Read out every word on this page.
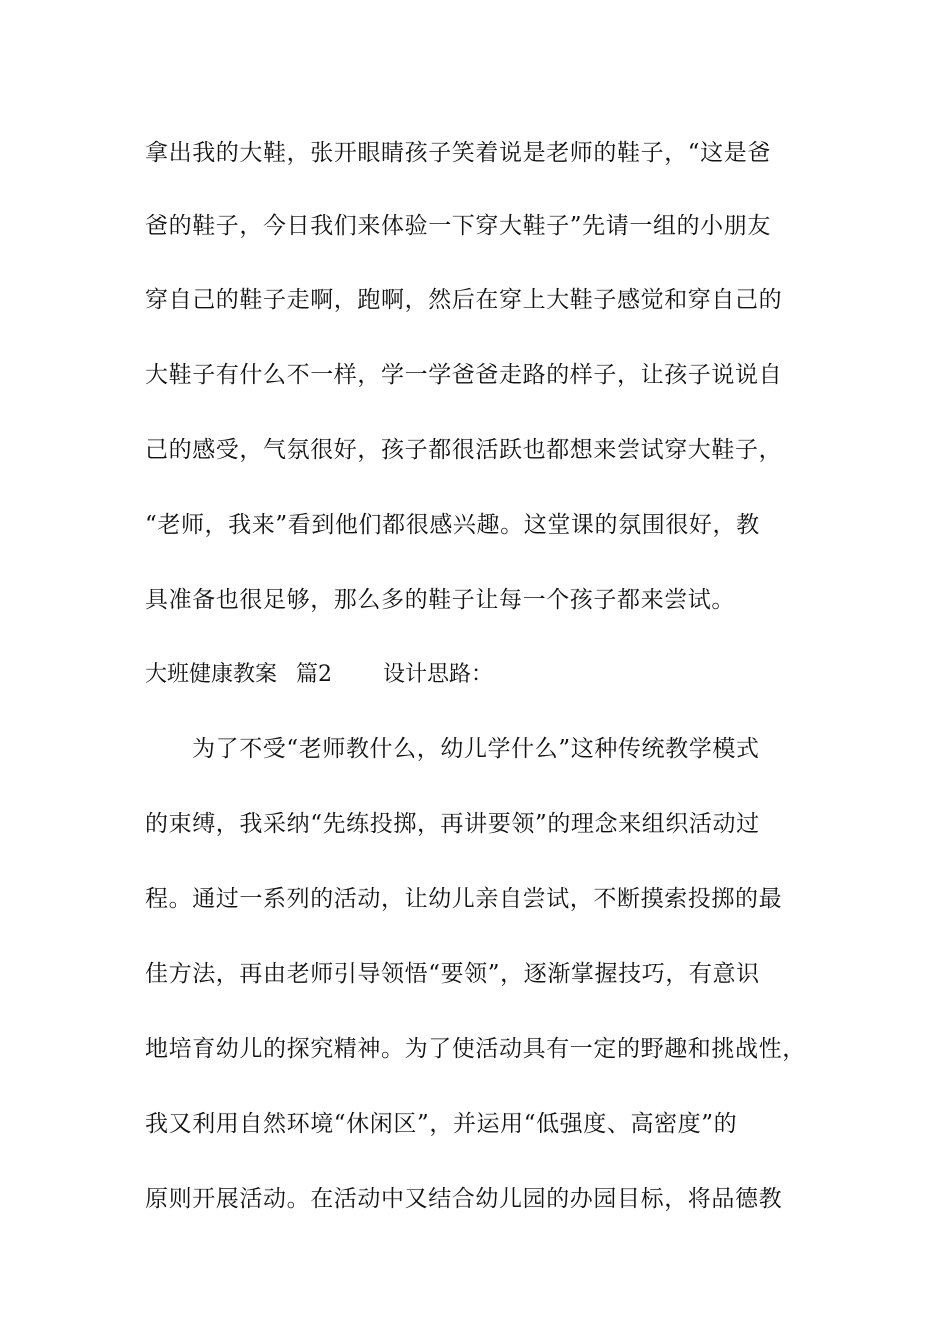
拿出我的大鞋，张开眼睛孩子笑着说是老师的鞋子，“这是爸
爸的鞋子，今日我们来体验一下穿大鞋子”先请一组的小朋友
穿自己的鞋子走啊，跑啊，然后在穿上大鞋子感觉和穿自己的
大鞋子有什么不一样，学一学爸爸走路的样子，让孩子说说自
己的感受，气氛很好，孩子都很活跃也都想来尝试穿大鞋子，
“老师，我来”看到他们都很感兴趣。这堂课的氛围很好，教
具准备也很足够，那么多的鞋子让每一个孩子都来尝试。
大班健康教案 篇2 设计思路：
为了不受“老师教什么，幼儿学什么”这种传统教学模式
的束缚，我采纳“先练投掷，再讲要领”的理念来组织活动过
程。通过一系列的活动，让幼儿亲自尝试，不断摸索投掷的最
佳方法，再由老师引导领悟“要领”，逐渐掌握技巧，有意识
地培育幼儿的探究精神。为了使活动具有一定的野趣和挑战性，
我又利用自然环境“休闲区”，并运用“低强度、高密度”的
原则开展活动。在活动中又结合幼儿园的办园目标，将品德教
